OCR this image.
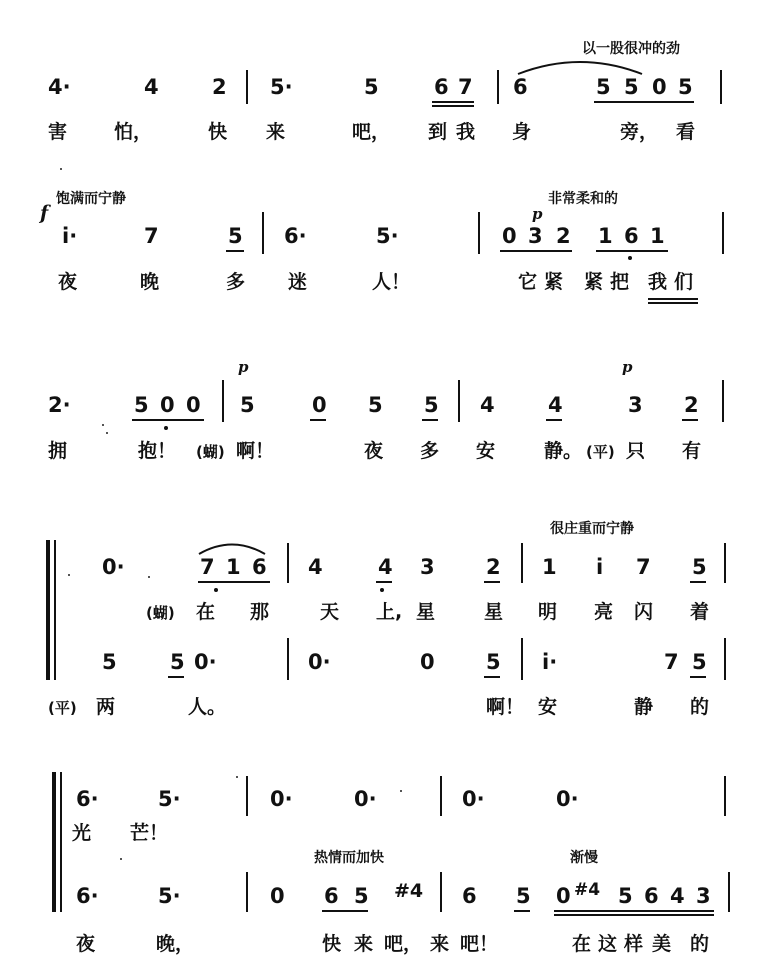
以一股很冲的劲
4·	4	2 5·	5	6 7 6	5 5 0 5
害 怕，	快 来	吧， 到 我 身	旁， 看
f
饱满而宁静	非常柔和的
p
i·	7	5 6·	5·	0 3 2 1 6 1
夜	晚	多 迷	人！	它 紧 紧 把 我 们
p	p
2·	5 0 0 5	0 5 5 4	4	3 2
拥	抱！ (蝴) 啊！	夜 多 安	静。 (平) 只 有
很庄重而宁静
0·	7 1 6 4	4 3 2 1 i 7 5
(蝴) 在 那	天 上, 星	星 明 亮 闪 着
5	5 0·	0·	0 5 i·	7 5
(平) 两	人。	啊！ 安	静 的
6·	5·	0·	0·	0·	0·
光 芒！
热情而加快	渐慢
6·	5·	0 6 5 #4 6 5 0 #4 5 6 4 3
夜	晚，	快 来 吧， 来 吧！	在 这 样 美 的
